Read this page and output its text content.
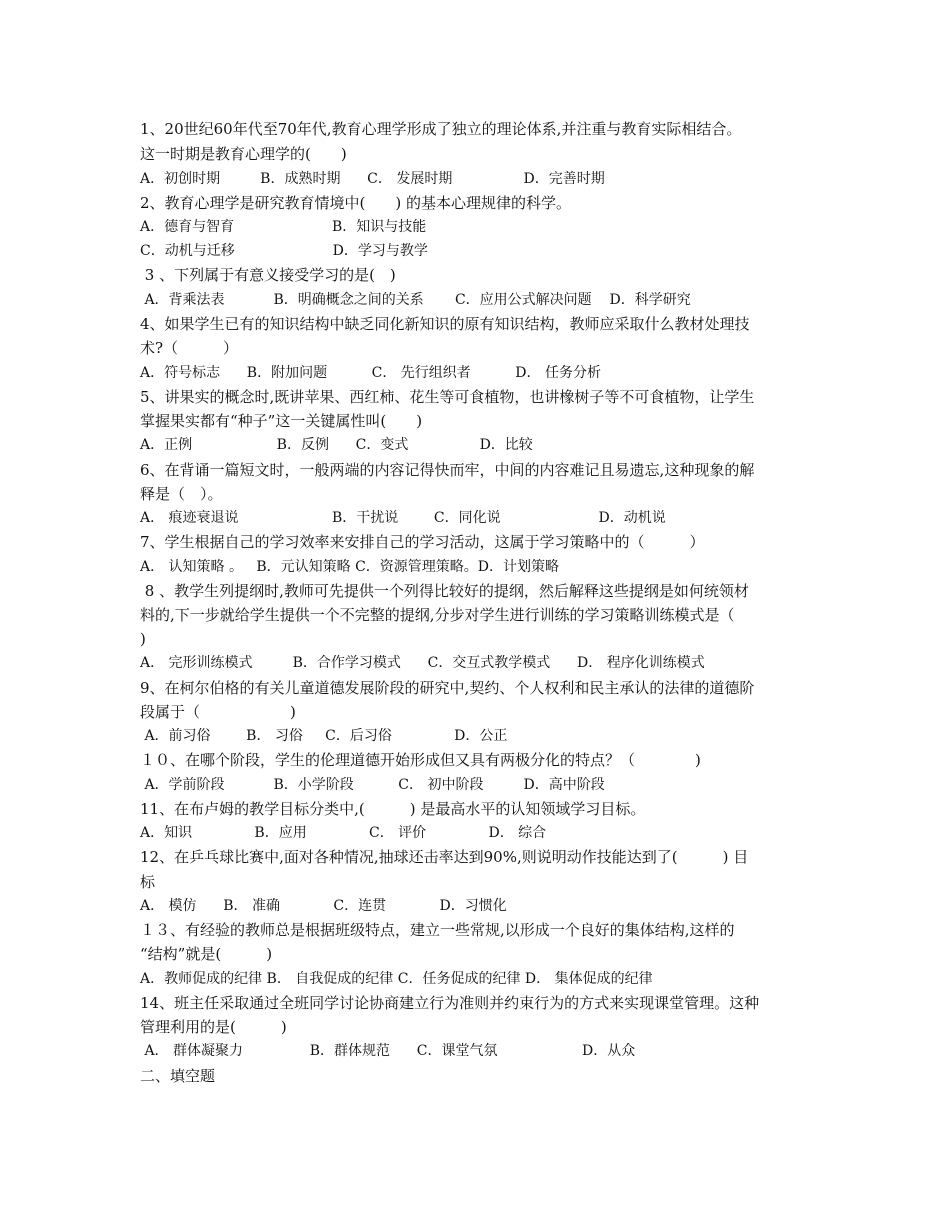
1、20世纪60年代至70年代,教育心理学形成了独立的理论体系,并注重与教育实际相结合。
这一时期是教育心理学的(　　)
A．初创时期         B．成熟时期      C． 发展时期                D．完善时期
2、教育心理学是研究教育情境中(　　) 的基本心理规律的科学。
A．德育与智育                      B．知识与技能
C．动机与迁移                      D．学习与教学
3 、下列属于有意义接受学习的是(　)
A．背乘法表           B．明确概念之间的关系       C．应用公式解决问题    D．科学研究
4、如果学生已有的知识结构中缺乏同化新知识的原有知识结构，教师应采取什么教材处理技
术?（　　　）
A．符号标志      B．附加问题          C． 先行组织者          D． 任务分析
5、讲果实的概念时,既讲苹果、西红柿、花生等可食植物，也讲橡树子等不可食植物，让学生
掌握果实都有“种子”这一关键属性叫(　　)
A．正例                   B．反例      C．变式                D．比较
6、在背诵一篇短文时，一般两端的内容记得快而牢，中间的内容难记且易遗忘,这种现象的解
释是（　）。
A． 痕迹衰退说                     B．干扰说        C．同化说                      D．动机说
7、学生根据自己的学习效率来安排自己的学习活动，这属于学习策略中的（　　　）
A． 认知策略 。   B．元认知策略 C．资源管理策略。D．计划策略
8 、教学生列提纲时,教师可先提供一个列得比较好的提纲，然后解释这些提纲是如何统领材
料的,下一步就给学生提供一个不完整的提纲,分步对学生进行训练的学习策略训练模式是（
)
A． 完形训练模式         B．合作学习模式      C．交互式教学模式      D． 程序化训练模式
9、在柯尔伯格的有关儿童道德发展阶段的研究中,契约、个人权利和民主承认的法律的道德阶
段属于（　　　　　　)
A．前习俗        B． 习俗     C．后习俗              D．公正
１０、在哪个阶段，学生的伦理道德开始形成但又具有两极分化的特点？（　　　　)
A．学前阶段           B．小学阶段          C． 初中阶段         D．高中阶段
11、在布卢姆的教学目标分类中,(　　　) 是最高水平的认知领域学习目标。
A．知识              B．应用              C． 评价              D． 综合
12、在乒乓球比赛中,面对各种情况,抽球还击率达到90%,则说明动作技能达到了(　　　) 目
标
A． 模仿      B． 准确            C．连贯            D．习惯化
１３、有经验的教师总是根据班级特点，建立一些常规,以形成一个良好的集体结构,这样的
“结构”就是(　　　)
A．教师促成的纪律 B． 自我促成的纪律 C．任务促成的纪律 D． 集体促成的纪律
14、班主任采取通过全班同学讨论协商建立行为准则并约束行为的方式来实现课堂管理。这种
管理利用的是(　　　)
A． 群体凝聚力               B．群体规范      C．课堂气氛                   D．从众
二、填空题
